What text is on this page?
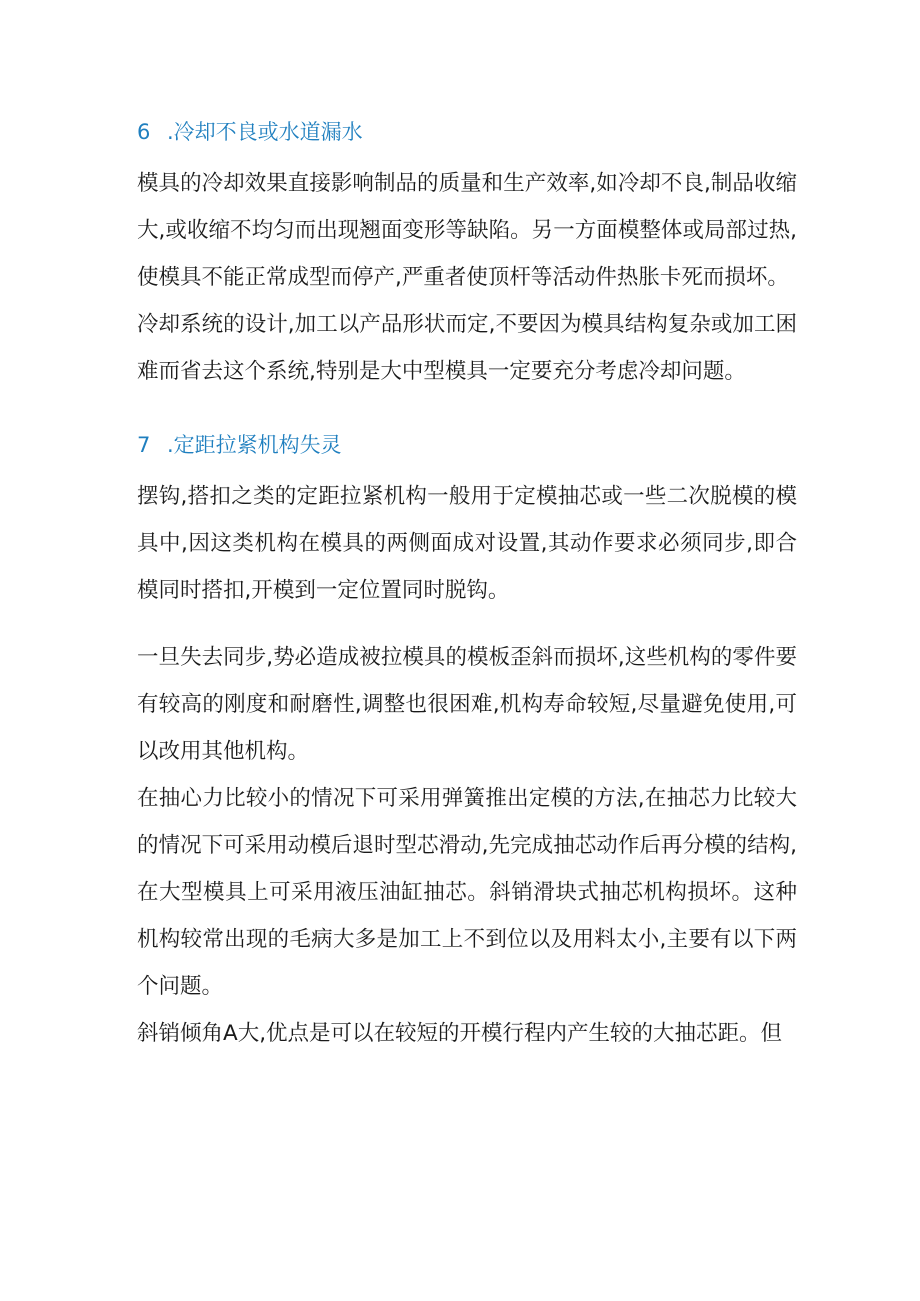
6 .冷却不良或水道漏水

模具的冷却效果直接影响制品的质量和生产效率,如冷却不良,制品收缩大,或收缩不均匀而出现翘面变形等缺陷。另一方面模整体或局部过热,使模具不能正常成型而停产,严重者使顶杆等活动件热胀卡死而损坏。

冷却系统的设计,加工以产品形状而定,不要因为模具结构复杂或加工困难而省去这个系统,特别是大中型模具一定要充分考虑冷却问题。

7 .定距拉紧机构失灵

摆钩,搭扣之类的定距拉紧机构一般用于定模抽芯或一些二次脱模的模具中,因这类机构在模具的两侧面成对设置,其动作要求必须同步,即合模同时搭扣,开模到一定位置同时脱钩。

一旦失去同步,势必造成被拉模具的模板歪斜而损坏,这些机构的零件要有较高的刚度和耐磨性,调整也很困难,机构寿命较短,尽量避免使用,可以改用其他机构。

在抽心力比较小的情况下可采用弹簧推出定模的方法,在抽芯力比较大的情况下可采用动模后退时型芯滑动,先完成抽芯动作后再分模的结构,在大型模具上可采用液压油缸抽芯。斜销滑块式抽芯机构损坏。这种机构较常出现的毛病大多是加工上不到位以及用料太小,主要有以下两个问题。

斜销倾角A大,优点是可以在较短的开模行程内产生较的大抽芯距。但
